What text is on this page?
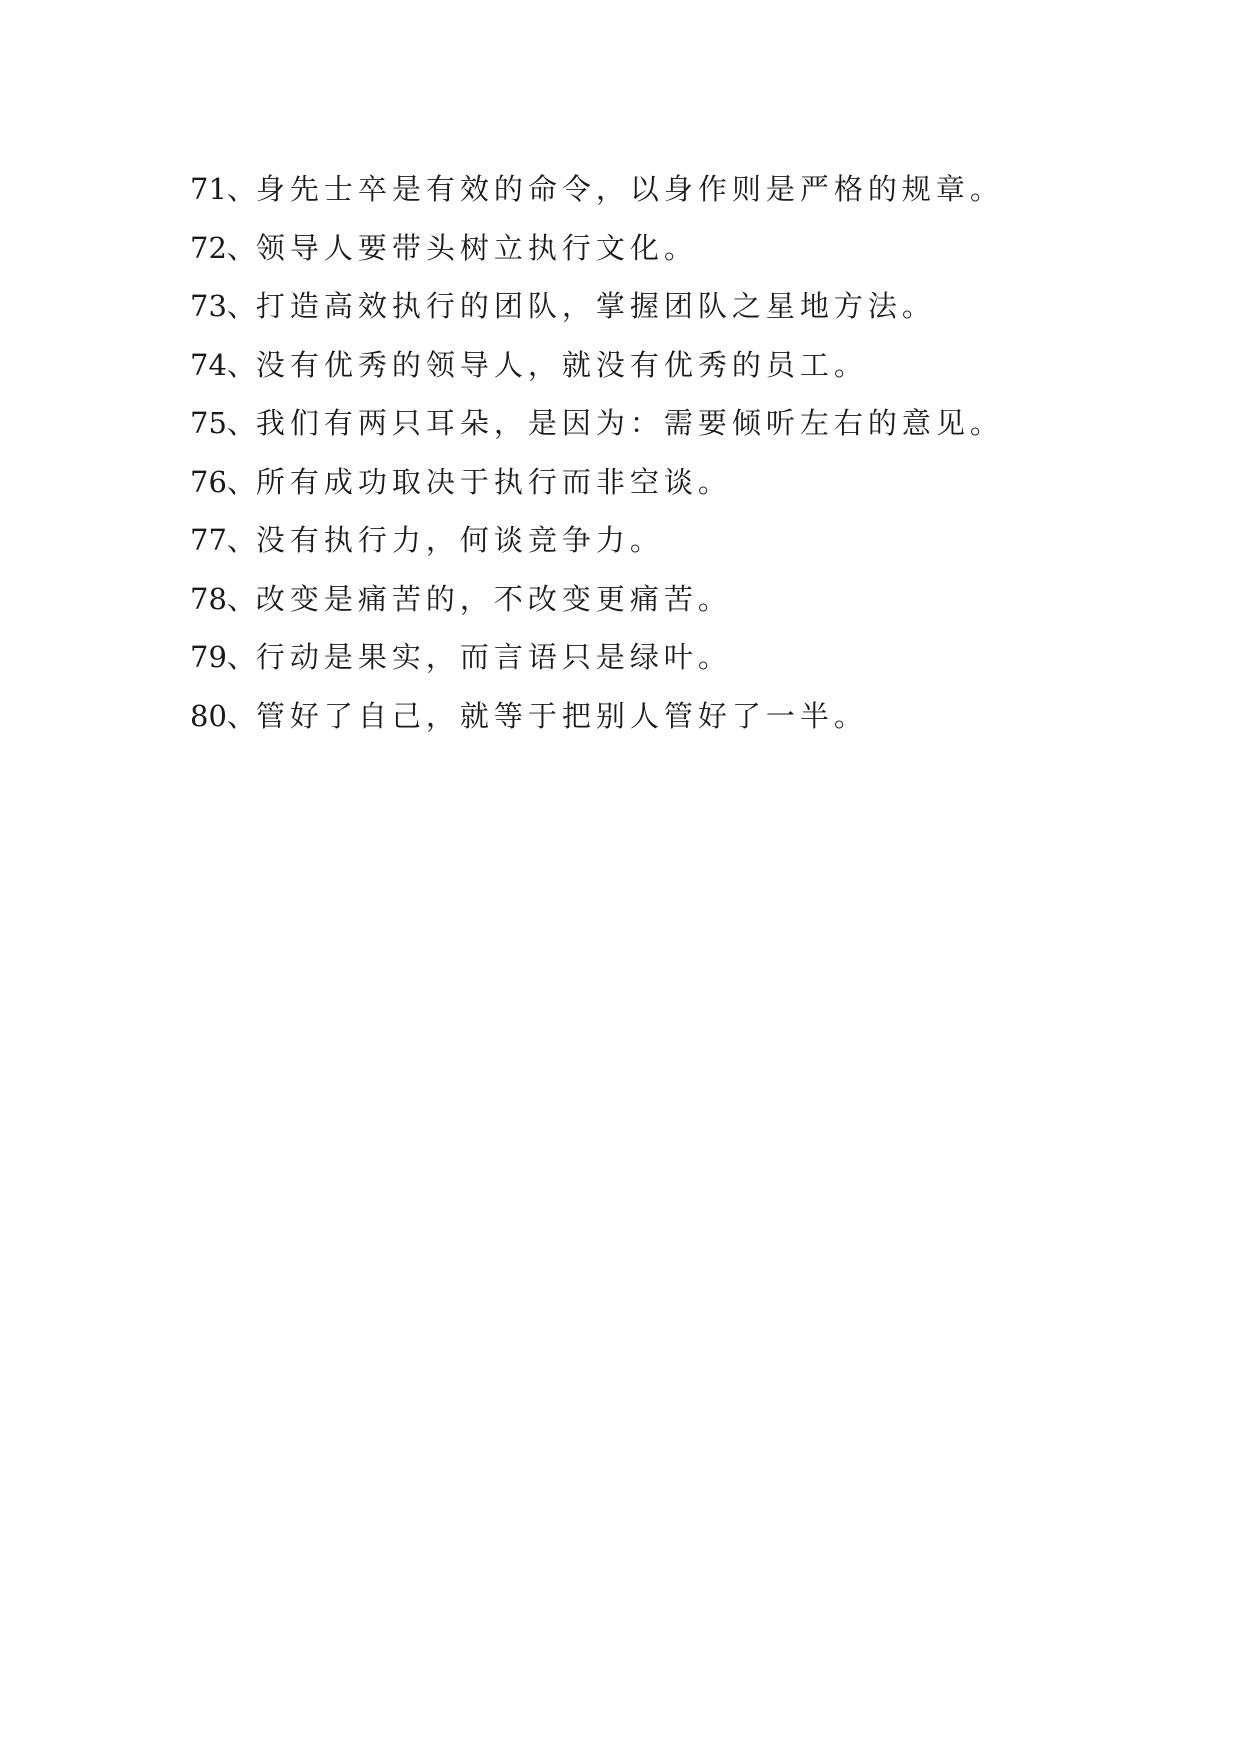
71、身先士卒是有效的命令，以身作则是严格的规章。
72、领导人要带头树立执行文化。
73、打造高效执行的团队，掌握团队之星地方法。
74、没有优秀的领导人，就没有优秀的员工。
75、我们有两只耳朵，是因为：需要倾听左右的意见。
76、所有成功取决于执行而非空谈。
77、没有执行力，何谈竞争力。
78、改变是痛苦的，不改变更痛苦。
79、行动是果实，而言语只是绿叶。
80、管好了自己，就等于把别人管好了一半。
